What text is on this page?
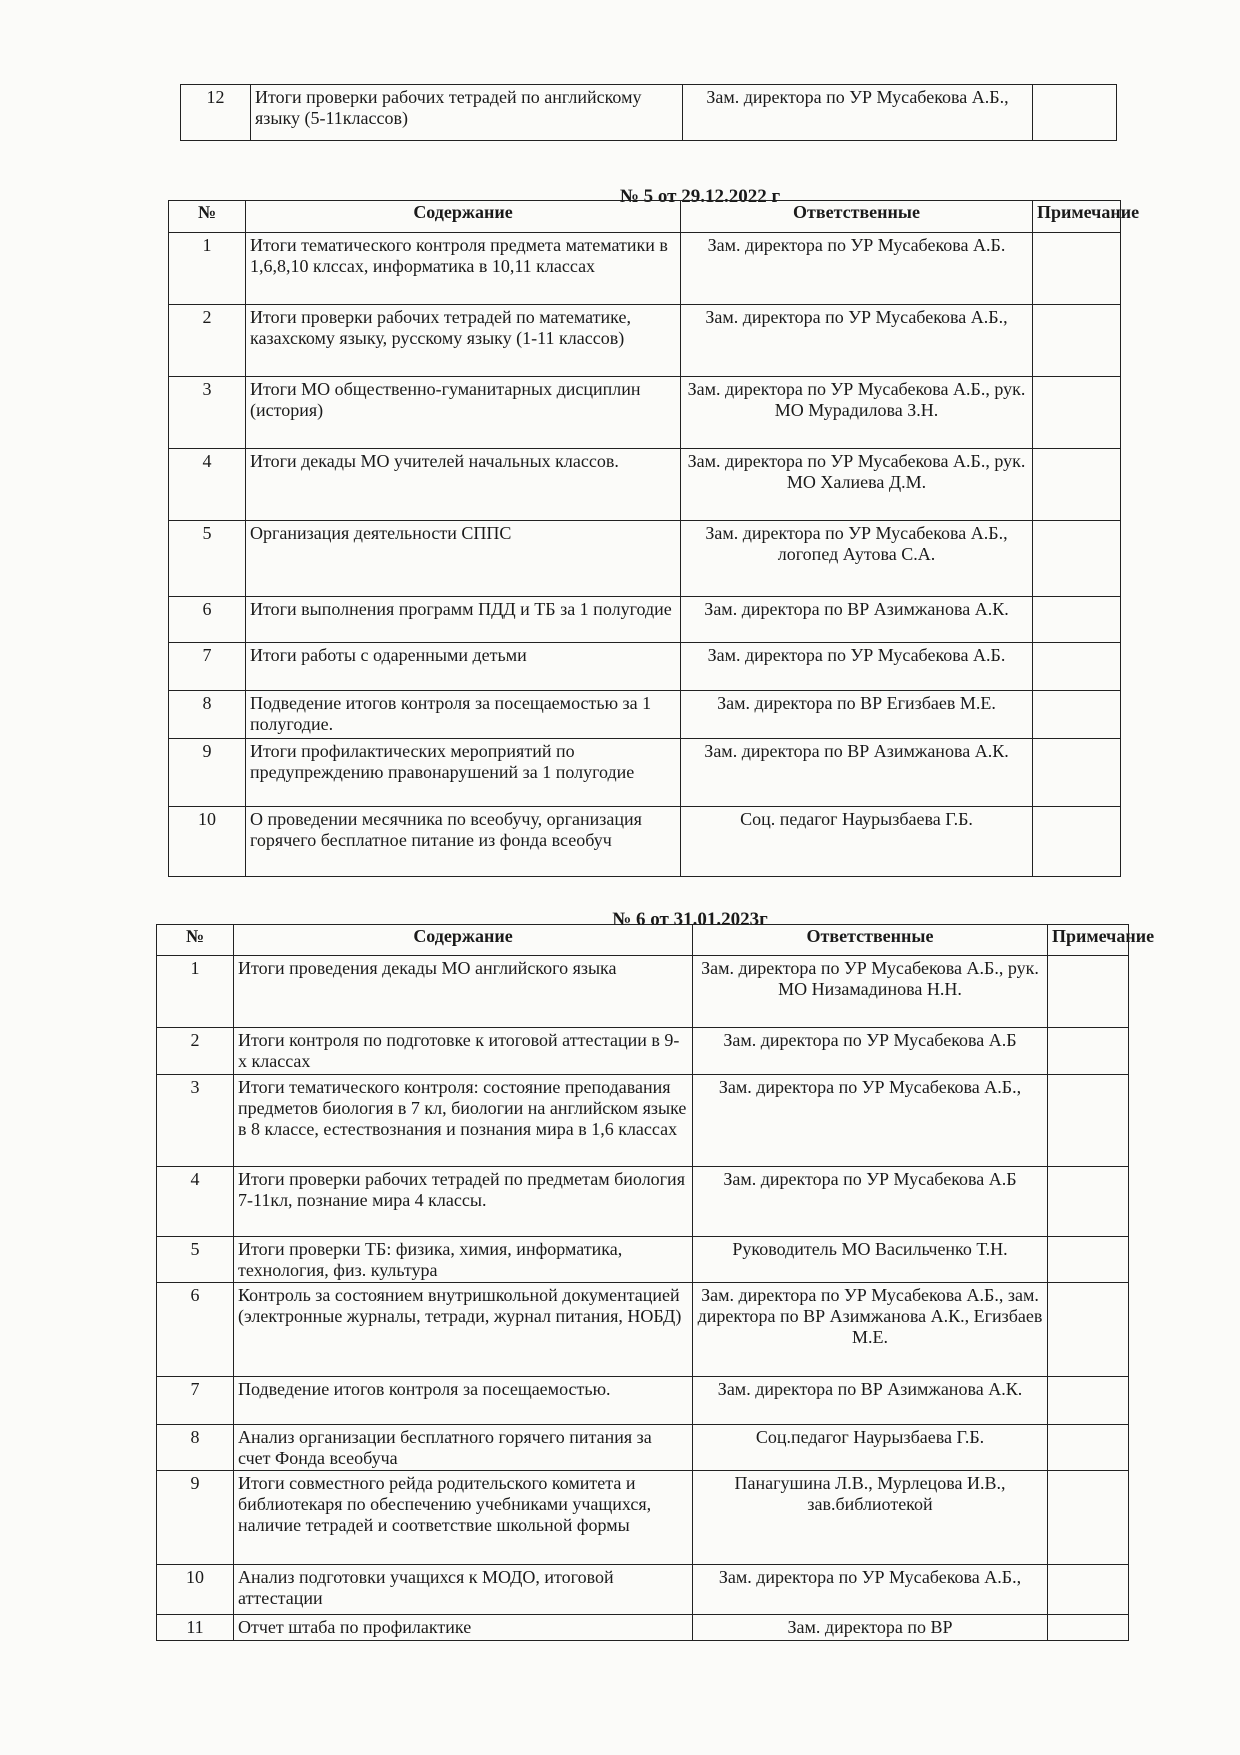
12	Итоги проверки рабочих тетрадей по английскому языку (5-11классов)	Зам. директора по УР Мусабекова А.Б.,	
№ 5 от 29.12.2022 г
№	Содержание	Ответственные	Примечание
1	Итоги тематического контроля предмета математики в 1,6,8,10 клссах, информатика в 10,11 классах	Зам. директора по УР Мусабекова А.Б.	
2	Итоги проверки рабочих тетрадей по математике, казахскому языку, русскому языку (1-11 классов)	Зам. директора по УР Мусабекова А.Б.,	
3	Итоги МО общественно-гуманитарных дисциплин (история)	Зам. директора по УР Мусабекова А.Б., рук. МО Мурадилова З.Н.	
4	Итоги декады МО учителей начальных классов.	Зам. директора по УР Мусабекова А.Б., рук. МО Халиева Д.М.	
5	Организация деятельности СППС	Зам. директора по УР Мусабекова А.Б., логопед Аутова С.А.	
6	Итоги выполнения программ ПДД и ТБ за 1 полугодие	Зам. директора по ВР Азимжанова А.К.	
7	Итоги работы с одаренными детьми	Зам. директора по УР Мусабекова А.Б.	
8	Подведение итогов контроля за посещаемостью за 1 полугодие.	Зам. директора по ВР Егизбаев М.Е.	
9	Итоги профилактических мероприятий по предупреждению правонарушений за 1 полугодие	Зам. директора по ВР Азимжанова А.К.	
10	О проведении месячника по всеобучу, организация горячего бесплатное питание из фонда всеобуч	Соц. педагог Наурызбаева Г.Б.	
№ 6 от 31.01.2023г
№	Содержание	Ответственные	Примечание
1	Итоги проведения декады МО английского языка	Зам. директора по УР Мусабекова А.Б., рук. МО Низамадинова Н.Н.	
2	Итоги контроля по подготовке к итоговой аттестации в 9-х классах	Зам. директора по УР Мусабекова А.Б	
3	Итоги тематического контроля: состояние преподавания предметов биология в 7 кл, биологии на английском языке в 8 классе, естествознания и познания мира в 1,6 классах	Зам. директора по УР Мусабекова А.Б.,	
4	Итоги проверки рабочих тетрадей по предметам биология 7-11кл, познание мира 4 классы.	Зам. директора по УР Мусабекова А.Б	
5	Итоги проверки ТБ: физика, химия, информатика, технология, физ. культура	Руководитель МО Васильченко Т.Н.	
6	Контроль за состоянием внутришкольной документацией (электронные журналы, тетради, журнал питания, НОБД)	Зам. директора по УР Мусабекова А.Б., зам. директора по ВР Азимжанова А.К., Егизбаев М.Е.	
7	Подведение итогов контроля за посещаемостью.	Зам. директора по ВР Азимжанова А.К.	
8	Анализ организации бесплатного горячего питания за счет Фонда всеобуча	Соц.педагог Наурызбаева Г.Б.	
9	Итоги совместного рейда родительского комитета и библиотекаря по обеспечению учебниками учащихся, наличие тетрадей и соответствие школьной формы	Панагушина Л.В., Мурлецова И.В., зав.библиотекой	
10	Анализ подготовки учащихся к МОДО, итоговой аттестации	Зам. директора по УР Мусабекова А.Б.,	
11	Отчет штаба по профилактике	Зам. директора по ВР	
